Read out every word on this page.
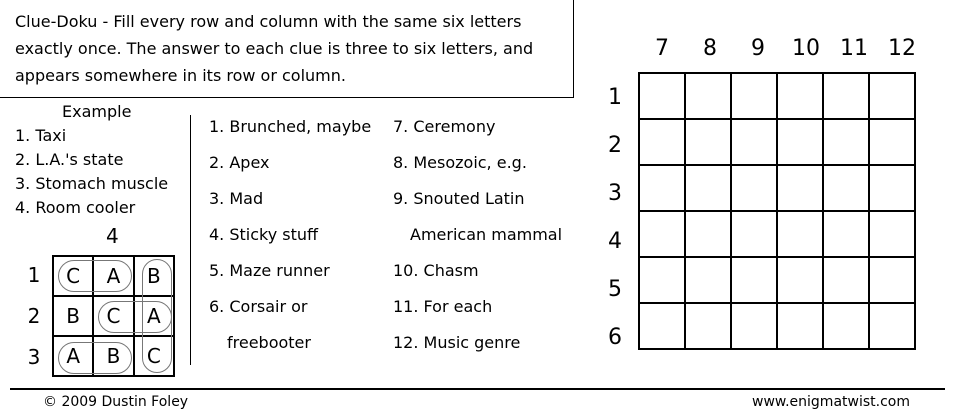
Clue-Doku - Fill every row and column with the same six letters exactly once. The answer to each clue is three to six letters, and appears somewhere in its row or column.
Example
1. Taxi
2. L.A.'s state
3. Stomach muscle
4. Room cooler
4
1
2
3
C	A	B
B	C	A
A	B	C
1. Brunched, maybe
2. Apex
3. Mad
4. Sticky stuff
5. Maze runner
6. Corsair or
freebooter
7. Ceremony
8. Mesozoic, e.g.
9. Snouted Latin
American mammal
10. Chasm
11. For each
12. Music genre
7	8	9	10 11 12
1
2
3
4
5
6

© 2009 Dustin Foley	www.enigmatwist.com
